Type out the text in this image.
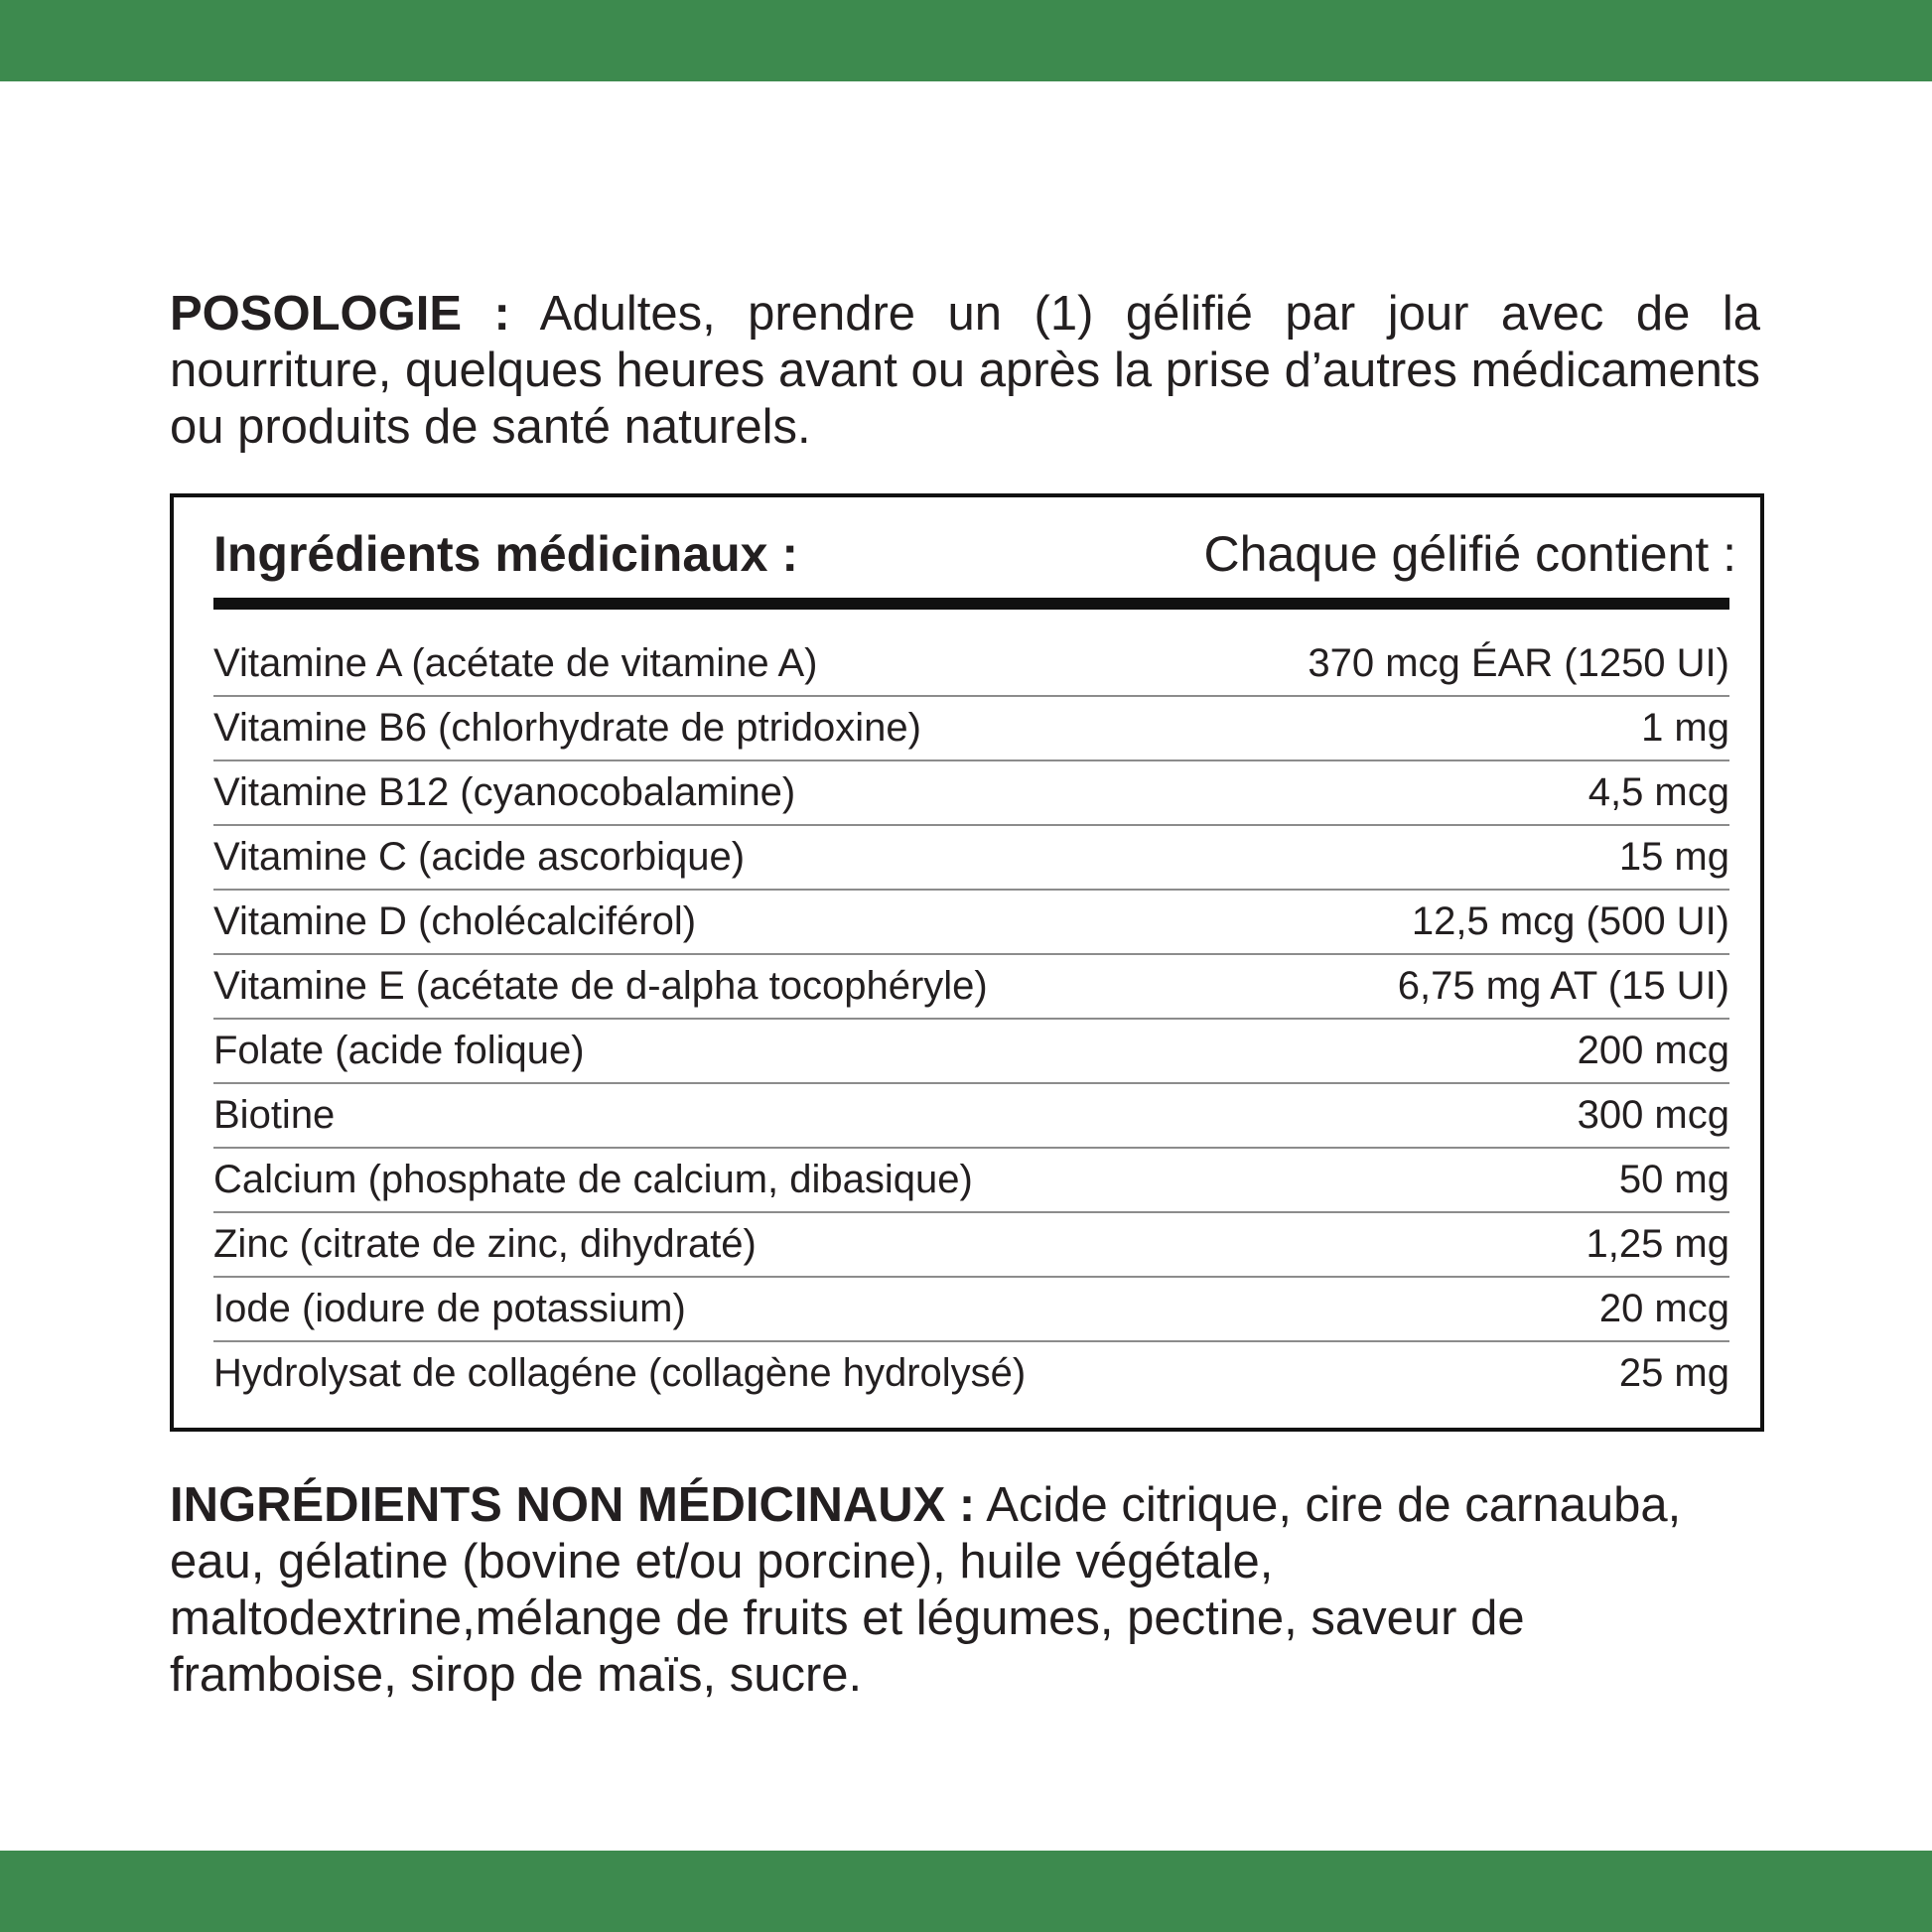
POSOLOGIE : Adultes, prendre un (1) gélifié par jour avec de la nourriture, quelques heures avant ou après la prise d’autres médicaments ou produits de santé naturels.

Ingrédients médicinaux :	Chaque gélifié contient :
Vitamine A (acétate de vitamine A)	370 mcg ÉAR (1250 UI)
Vitamine B6 (chlorhydrate de ptridoxine)	1 mg
Vitamine B12 (cyanocobalamine)	4,5 mcg
Vitamine C (acide ascorbique)	15 mg
Vitamine D (cholécalciférol)	12,5 mcg (500 UI)
Vitamine E (acétate de d-alpha tocophéryle)	6,75 mg AT (15 UI)
Folate (acide folique)	200 mcg
Biotine	300 mcg
Calcium (phosphate de calcium, dibasique)	50 mg
Zinc (citrate de zinc, dihydraté)	1,25 mg
Iode (iodure de potassium)	20 mcg
Hydrolysat de collagéne (collagène hydrolysé)	25 mg

INGRÉDIENTS NON MÉDICINAUX : Acide citrique, cire de carnauba, eau, gélatine (bovine et/ou porcine), huile végétale, maltodextrine,mélange de fruits et légumes, pectine, saveur de framboise, sirop de maïs, sucre.
